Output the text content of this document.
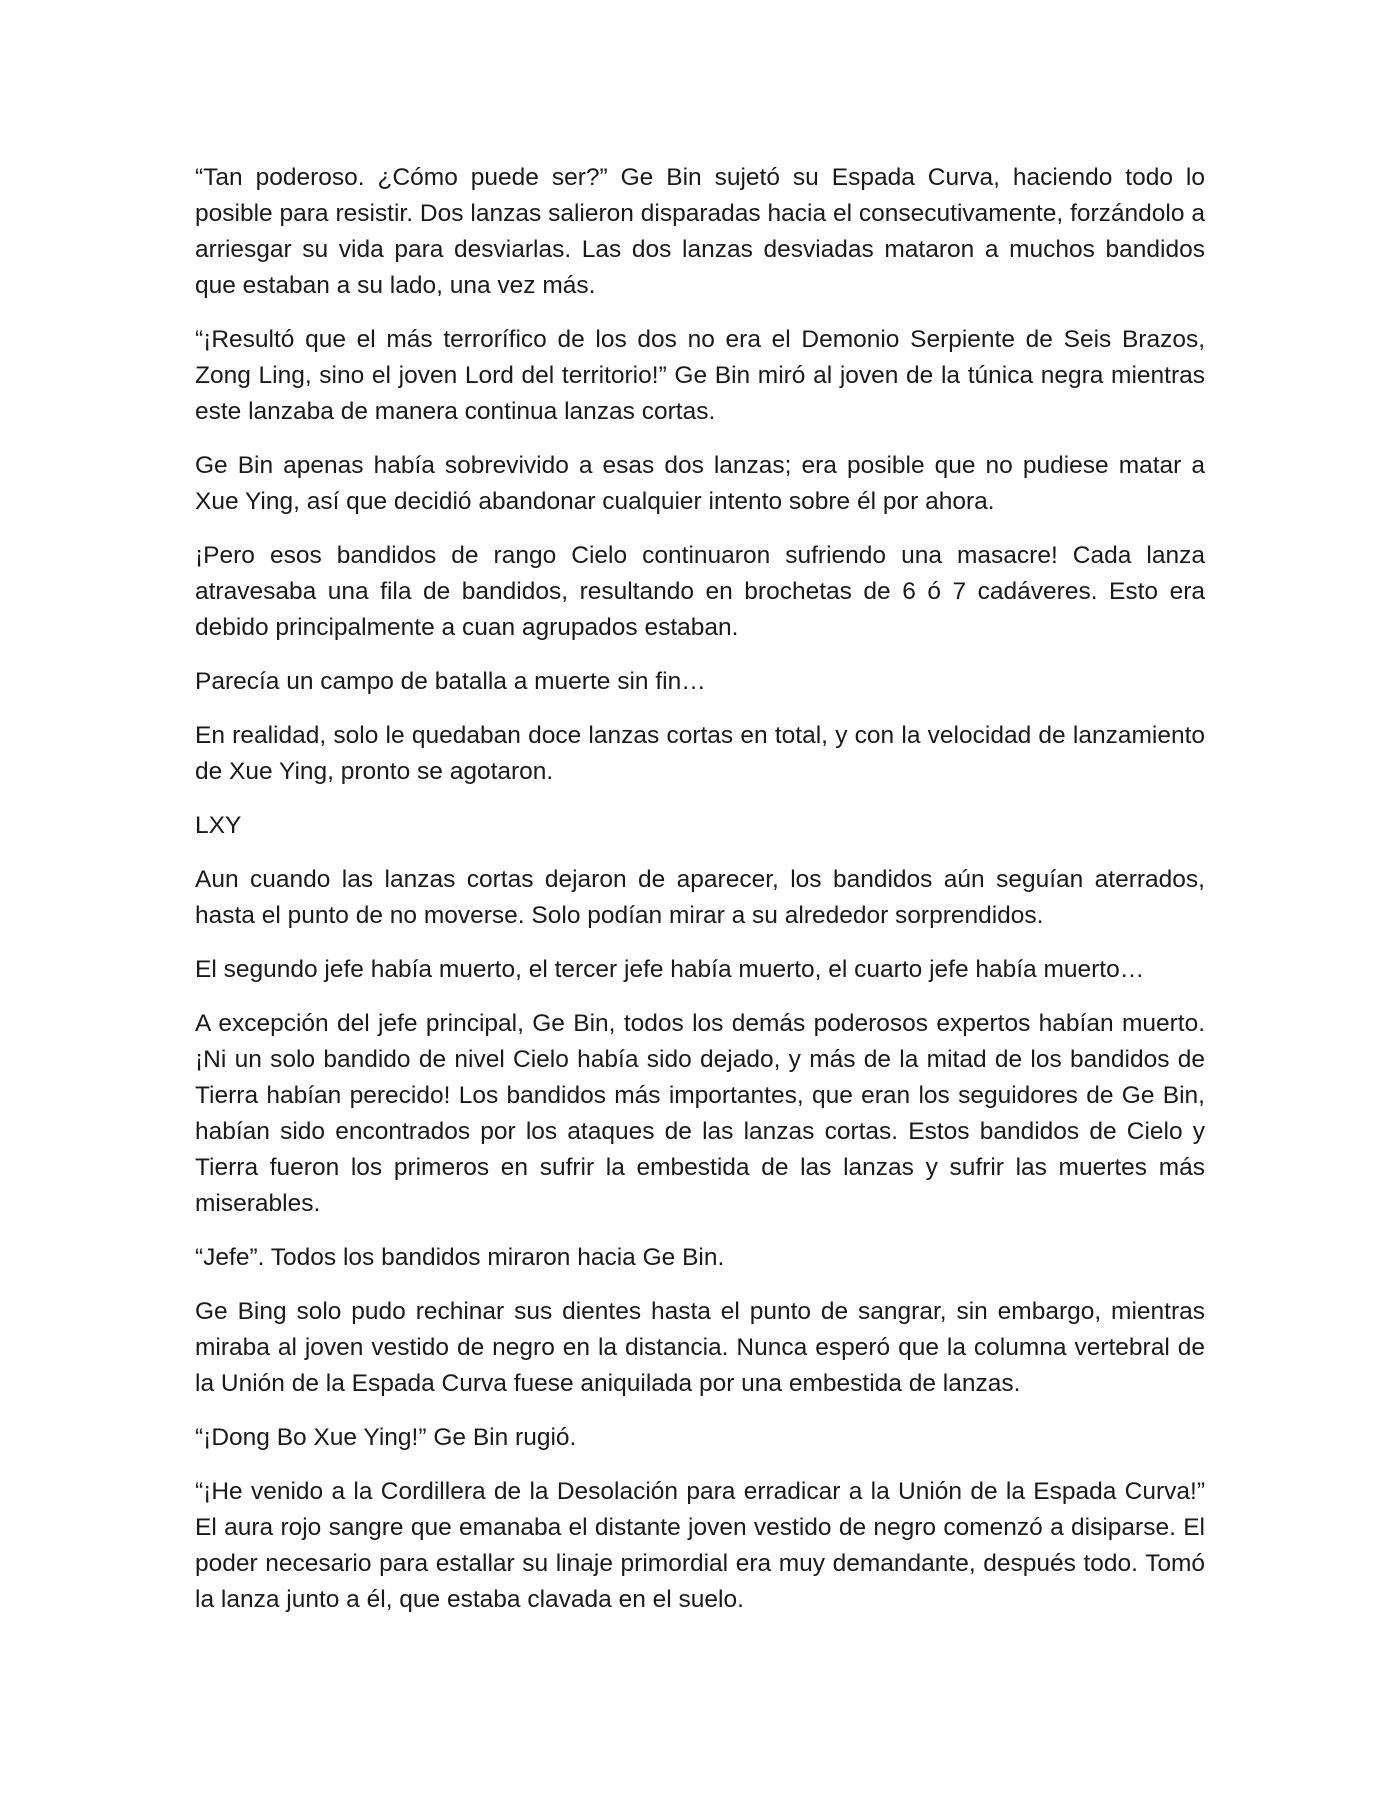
“Tan poderoso. ¿Cómo puede ser?” Ge Bin sujetó su Espada Curva, haciendo todo lo posible para resistir. Dos lanzas salieron disparadas hacia el consecutivamente, forzándolo a arriesgar su vida para desviarlas. Las dos lanzas desviadas mataron a muchos bandidos que estaban a su lado, una vez más.

“¡Resultó que el más terrorífico de los dos no era el Demonio Serpiente de Seis Brazos, Zong Ling, sino el joven Lord del territorio!” Ge Bin miró al joven de la túnica negra mientras este lanzaba de manera continua lanzas cortas.

Ge Bin apenas había sobrevivido a esas dos lanzas; era posible que no pudiese matar a Xue Ying, así que decidió abandonar cualquier intento sobre él por ahora.

¡Pero esos bandidos de rango Cielo continuaron sufriendo una masacre! Cada lanza atravesaba una fila de bandidos, resultando en brochetas de 6 ó 7 cadáveres. Esto era debido principalmente a cuan agrupados estaban.

Parecía un campo de batalla a muerte sin fin…

En realidad, solo le quedaban doce lanzas cortas en total, y con la velocidad de lanzamiento de Xue Ying, pronto se agotaron.

LXY

Aun cuando las lanzas cortas dejaron de aparecer, los bandidos aún seguían aterrados, hasta el punto de no moverse. Solo podían mirar a su alrededor sorprendidos.

El segundo jefe había muerto, el tercer jefe había muerto, el cuarto jefe había muerto…

A excepción del jefe principal, Ge Bin, todos los demás poderosos expertos habían muerto. ¡Ni un solo bandido de nivel Cielo había sido dejado, y más de la mitad de los bandidos de Tierra habían perecido! Los bandidos más importantes, que eran los seguidores de Ge Bin, habían sido encontrados por los ataques de las lanzas cortas. Estos bandidos de Cielo y Tierra fueron los primeros en sufrir la embestida de las lanzas y sufrir las muertes más miserables.

“Jefe”. Todos los bandidos miraron hacia Ge Bin.

Ge Bing solo pudo rechinar sus dientes hasta el punto de sangrar, sin embargo, mientras miraba al joven vestido de negro en la distancia. Nunca esperó que la columna vertebral de la Unión de la Espada Curva fuese aniquilada por una embestida de lanzas.

“¡Dong Bo Xue Ying!” Ge Bin rugió.

“¡He venido a la Cordillera de la Desolación para erradicar a la Unión de la Espada Curva!” El aura rojo sangre que emanaba el distante joven vestido de negro comenzó a disiparse. El poder necesario para estallar su linaje primordial era muy demandante, después todo. Tomó la lanza junto a él, que estaba clavada en el suelo.
